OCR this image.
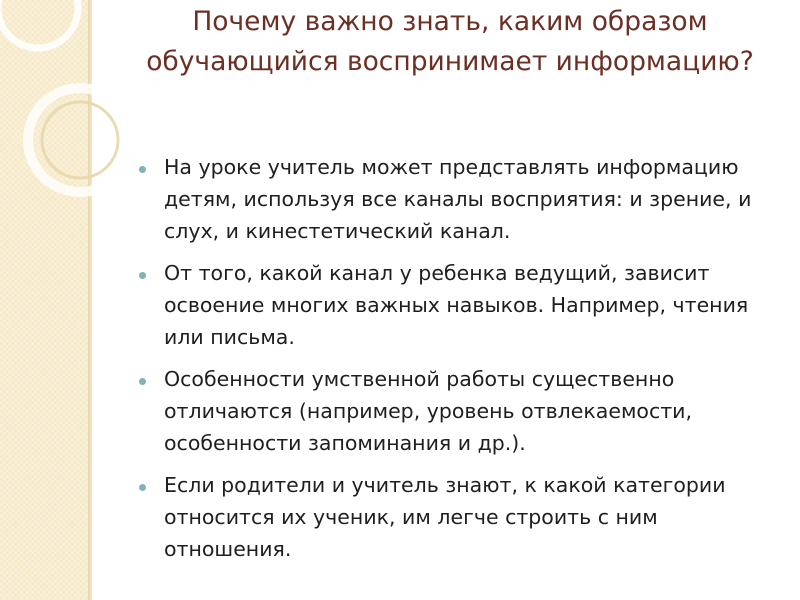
Почему важно знать, каким образом обучающийся воспринимает информацию?
На уроке учитель может представлять информацию детям, используя все каналы восприятия: и зрение, и слух, и кинестетический канал.
От того, какой канал у ребенка ведущий, зависит освоение многих важных навыков. Например, чтения или письма.
Особенности умственной работы существенно отличаются (например, уровень отвлекаемости, особенности запоминания и др.).
Если родители и учитель знают, к какой категории относится их ученик, им легче строить с ним отношения.
